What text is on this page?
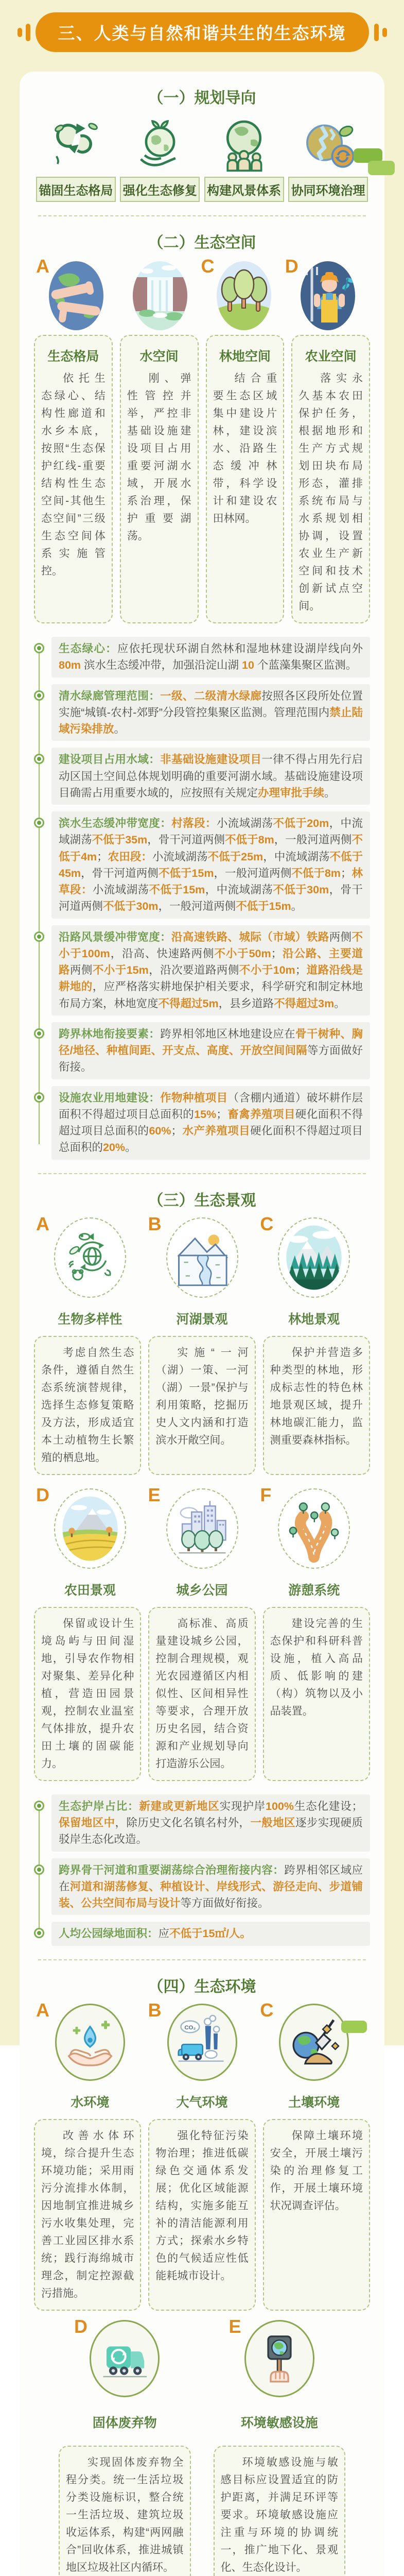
三、人类与自然和谐共生的生态环境
（一）规划导向
锚固生态格局 强化生态修复 构建风景体系 协同环境治理
（二）生态空间
A	C	D
生态格局

依托生态绿心、结构性廊道和水乡本底，按照“生态保护红线-重要结构性生态空间-其他生态空间”三级生态空间体系实施管控。

水空间

刚、弹性管控并举，严控非基础设施建设项目占用重要河湖水域，开展水系治理，保护重要湖荡。

林地空间

结合重要生态区域集中建设片林，建设滨水、沿路生态缓冲林带，科学设计和建设农田林网。

农业空间

落实永久基本农田保护任务，根据地形和生产方式规划田块布局形态，灌排系统布局与水系规划相协调，设置农业生产新空间和技术创新试点空间。

生态绿心：应依托现状环湖自然林和湿地林建设湖岸线向外 80m 滨水生态缓冲带，加强沿淀山湖 10 个蓝藻集聚区监测。
清水绿廊管理范围：一级、二级清水绿廊按照各区段所处位置实施“城镇-农村-郊野”分段管控集聚区监测。管理范围内禁止陆域污染排放。
建设项目占用水域：非基础设施建设项目一律不得占用先行启动区国土空间总体规划明确的重要河湖水域。基础设施建设项目确需占用重要水域的，应按照有关规定办理审批手续。
滨水生态缓冲带宽度：村落段：小流域湖荡不低于20m，中流域湖荡不低于35m，骨干河道两侧不低于8m，一般河道两侧不低于4m；农田段：小流域湖荡不低于25m，中流域湖荡不低于45m，骨干河道两侧不低于15m，一般河道两侧不低于8m；林草段：小流域湖荡不低于15m，中流域湖荡不低于30m，骨干河道两侧不低于30m，一般河道两侧不低于15m。
沿路风景缓冲带宽度：沿高速铁路、城际（市域）铁路两侧不小于100m，沿高、快速路两侧不小于50m；沿公路、主要道路两侧不小于15m，沿次要道路两侧不小于10m；道路沿线是耕地的，应严格落实耕地保护相关要求，科学研究和制定林地布局方案，林地宽度不得超过5m，县乡道路不得超过3m。
跨界林地衔接要素：跨界相邻地区林地建设应在骨干树种、胸径/地径、种植间距、开支点、高度、开放空间间隔等方面做好衔接。
设施农业用地建设：作物种植项目（含棚内通道）破坏耕作层面积不得超过项目总面积的15%；畜禽养殖项目硬化面积不得超过项目总面积的60%；水产养殖项目硬化面积不得超过项目总面积的20%。
（三）生态景观
A	B	C
生物多样性	河湖景观	林地景观

考虑自然生态条件，遵循自然生态系统演替规律，选择生态修复策略及方法，形成适宜本土动植物生长繁殖的栖息地。

实施“一河（湖）一策、一河（湖）一景”保护与利用策略，挖掘历史人文内涵和打造滨水开敞空间。

保护并营造多种类型的林地，形成标志性的特色林地景观区域，提升林地碳汇能力，监测重要森林指标。

D	E	F
农田景观	城乡公园	游憩系统

保留或设计生境岛屿与田间湿地，引导农作物相对聚集、差异化种植，营造田园景观，控制农业温室气体排放，提升农田土壤的固碳能力。

高标准、高质量建设城乡公园，控制合理规模，观光农园遵循区内相似性、区间相异性等要求，合理开放历史名园，结合资源和产业规划导向打造游乐公园。

建设完善的生态保护和科研科普设施，植入高品质、低影响的建（构）筑物以及小品装置。

生态护岸占比：新建或更新地区实现护岸100%生态化建设；保留地区中，除历史文化名镇名村外，一般地区逐步实现硬质驳岸生态化改造。
跨界骨干河道和重要湖荡综合治理衔接内容：跨界相邻区域应在河道和湖荡修复、种植设计、岸线形式、游径走向、步道铺装、公共空间布局与设计等方面做好衔接。
人均公园绿地面积：应不低于15㎡/人。
（四）生态环境
A	B
CO₂
C
水环境	大气环境	土壤环境

改善水体环境，综合提升生态环境功能；采用雨污分流排水体制，因地制宜推进城乡污水收集处理，完善工业园区排水系统；践行海绵城市理念，制定控源截污措施。

强化特征污染物治理；推进低碳绿色交通体系发展；优化区域能源结构，实施多能互补的清洁能源利用方式；探索水乡特色的气候适应性低能耗城市设计。

保障土壤环境安全，开展土壤污染的治理修复工作，开展土壤环境状况调查评估。

D	E
固体废弃物	环境敏感设施

实现固体废弃物全程分类。统一生活垃圾分类设施标识，整合统一生活垃圾、建筑垃圾收运体系，构建“两网融合”回收体系，推进城镇地区垃圾社区内循环。

环境敏感设施与敏感目标应设置适宜的防护距离，并满足环评等要求。环境敏感设施应注重与环境的协调统一，推广地下化、景观化、生态化设计。
